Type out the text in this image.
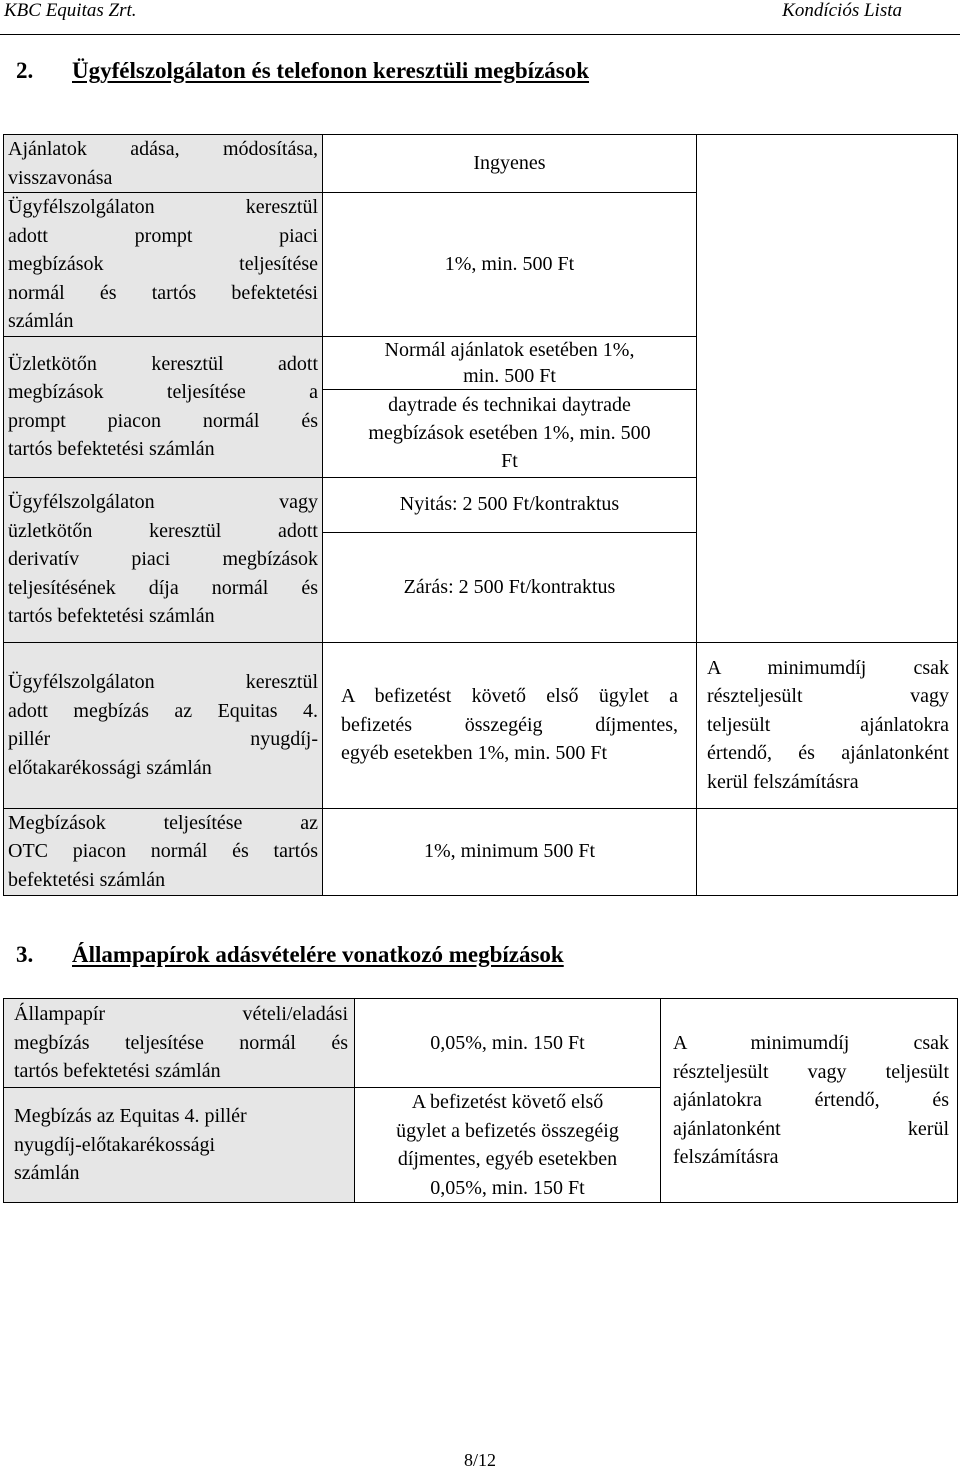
KBC Equitas Zrt.	Kondíciós Lista
2. Ügyfélszolgálaton és telefonon keresztüli megbízások
Ajánlatok adása, módosítása,
visszavonása	Ingyenes	

Ügyfélszolgálaton keresztül
adott prompt piaci
megbízások teljesítése
normál és tartós befektetési
számlán	1%, min. 500 Ft	

Üzletkötőn keresztül adott
megbízások teljesítése a
prompt piacon normál és
tartós befektetési számlán	Normál ajánlatok esetében 1%,
min. 500 Ft	

	daytrade és technikai daytrade
megbízások esetében 1%, min. 500
Ft	

Ügyfélszolgálaton vagy
üzletkötőn keresztül adott
derivatív piaci megbízások
teljesítésének díja normál és
tartós befektetési számlán	Nyitás: 2 500 Ft/kontraktus	
	Zárás: 2 500 Ft/kontraktus	

Ügyfélszolgálaton keresztül
adott megbízás az Equitas 4.
pillér nyugdíj-
előtakarékossági számlán	A befizetést követő első ügylet a
befizetés összegéig díjmentes,
egyéb esetekben 1%, min. 500 Ft	A minimumdíj csak
részteljesült vagy
teljesült ajánlatokra
értendő, és ajánlatonként
kerül felszámításra

Megbízások teljesítése az
OTC piacon normál és tartós
befektetési számlán	1%, minimum 500 Ft	
3. Állampapírok adásvételére vonatkozó megbízások
Állampapír vételi/eladási
megbízás teljesítése normál és
tartós befektetési számlán	0,05%, min. 150 Ft	A minimumdíj csak
részteljesült vagy teljesült
ajánlatokra értendő, és
ajánlatonként kerül
felszámításra

Megbízás az Equitas 4. pillér
nyugdíj-előtakarékossági
számlán	A befizetést követő első
ügylet a befizetés összegéig
díjmentes, egyéb esetekben
0,05%, min. 150 Ft	
8/12
